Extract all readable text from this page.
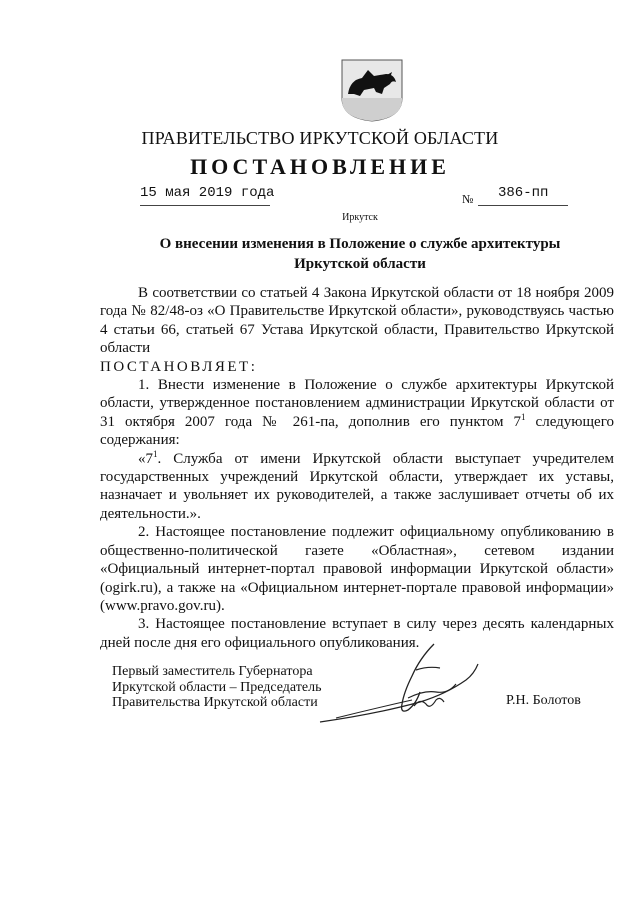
ПРАВИТЕЛЬСТВО ИРКУТСКОЙ ОБЛАСТИ
ПОСТАНОВЛЕНИЕ
15 мая 2019 года	№ 386-пп
Иркутск
О внесении изменения в Положение о службе архитектуры
Иркутской области

В соответствии со статьей 4 Закона Иркутской области от 18 ноября 2009 года № 82/48-оз «О Правительстве Иркутской области», руководствуясь частью 4 статьи 66, статьей 67 Устава Иркутской области, Правительство Иркутской области

ПОСТАНОВЛЯЕТ:

1. Внести изменение в Положение о службе архитектуры Иркутской области, утвержденное постановлением администрации Иркутской области от 31 октября 2007 года № 261-па, дополнив его пунктом $7^1$ следующего содержания:

«$7^1$. Служба от имени Иркутской области выступает учредителем государственных учреждений Иркутской области, утверждает их уставы, назначает и увольняет их руководителей, а также заслушивает отчеты об их деятельности.».

2. Настоящее постановление подлежит официальному опубликованию в общественно-политической газете «Областная», сетевом издании «Официальный интернет-портал правовой информации Иркутской области» (ogirk.ru), а также на «Официальном интернет-портале правовой информации» (www.pravo.gov.ru).

3. Настоящее постановление вступает в силу через десять календарных дней после дня его официального опубликования.

Первый заместитель Губернатора
Иркутской области – Председатель
Правительства Иркутской области	Р.Н. Болотов
